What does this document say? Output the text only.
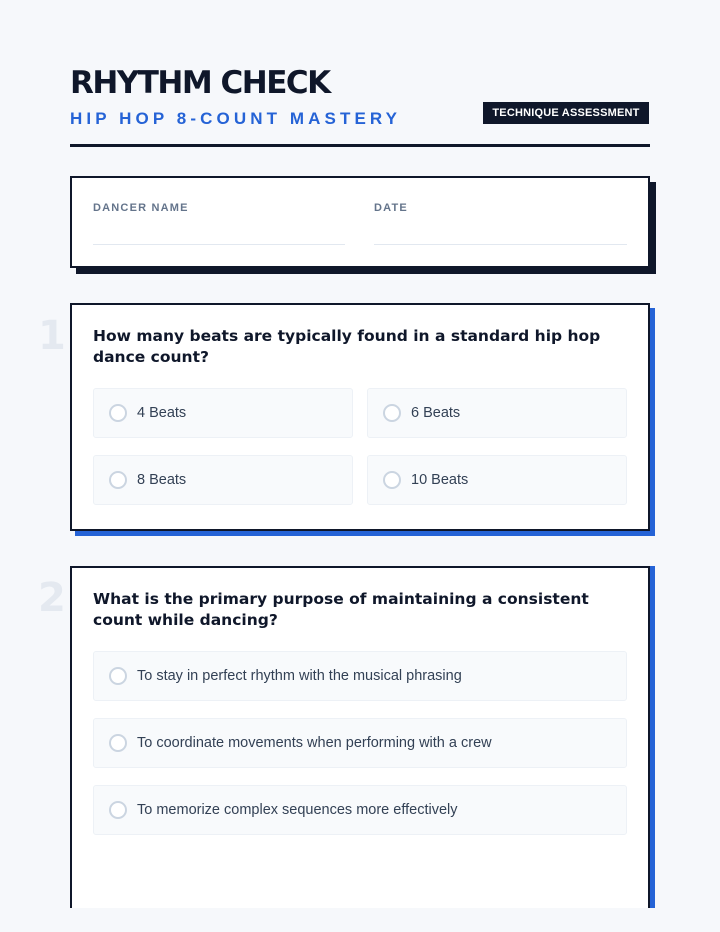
RHYTHM CHECK
HIP HOP 8-COUNT MASTERY	TECHNIQUE ASSESSMENT
DANCER NAME	DATE
1 How many beats are typically found in a standard hip hop dance count?
4 Beats	6 Beats
8 Beats	10 Beats
2 What is the primary purpose of maintaining a consistent count while dancing?
To stay in perfect rhythm with the musical phrasing
To coordinate movements when performing with a crew
To memorize complex sequences more effectively
